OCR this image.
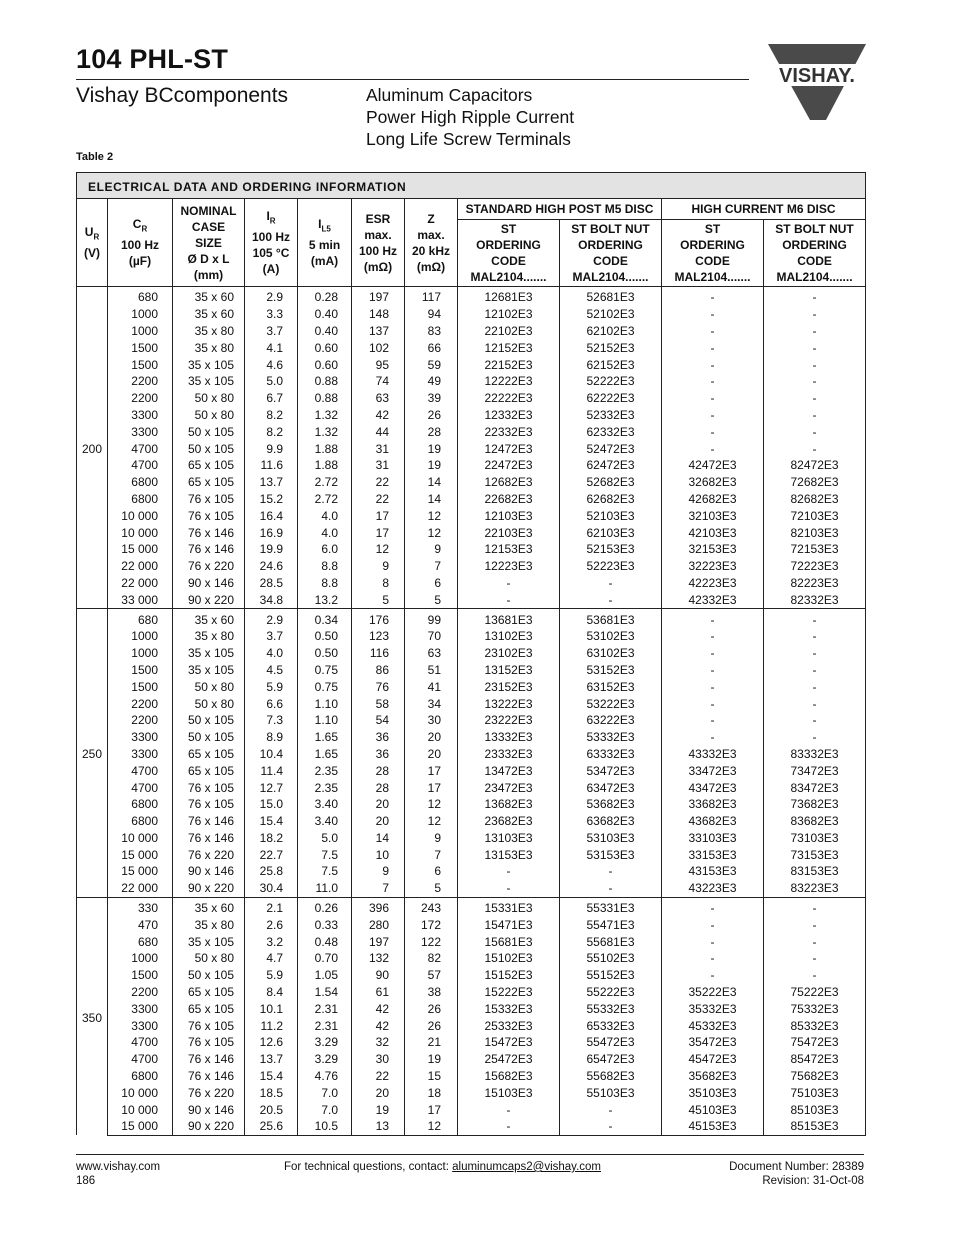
104 PHL-ST
Vishay BCcomponents	Aluminum Capacitors
Power High Ripple Current
Long Life Screw Terminals
VISHAY.
Table 2
ELECTRICAL DATA AND ORDERING INFORMATION										
$U_R$
(V)	$C_R$
100 Hz
(µF)	NOMINAL
CASE
SIZE
Ø D x L
(mm)	$I_R$
100 Hz
105 °C
(A)	$I_{L5}$
5 min
(mA)	ESR
max.
100 Hz
(mΩ)	Z
max.
20 kHz
(mΩ)	STANDARD HIGH POST M5 DISC		HIGH CURRENT M6 DISC	
							ST
ORDERING
CODE
MAL2104.......	ST BOLT NUT
ORDERING
CODE
MAL2104.......	ST
ORDERING
CODE
MAL2104.......	ST BOLT NUT
ORDERING
CODE
MAL2104.......
200	680	35 x 60	2.9	0.28	197	117	12681E3	52681E3	-	-
	1000	35 x 60	3.3	0.40	148	94	12102E3	52102E3	-	-
	1000	35 x 80	3.7	0.40	137	83	22102E3	62102E3	-	-
	1500	35 x 80	4.1	0.60	102	66	12152E3	52152E3	-	-
	1500	35 x 105	4.6	0.60	95	59	22152E3	62152E3	-	-
	2200	35 x 105	5.0	0.88	74	49	12222E3	52222E3	-	-
	2200	50 x 80	6.7	0.88	63	39	22222E3	62222E3	-	-
	3300	50 x 80	8.2	1.32	42	26	12332E3	52332E3	-	-
	3300	50 x 105	8.2	1.32	44	28	22332E3	62332E3	-	-
	4700	50 x 105	9.9	1.88	31	19	12472E3	52472E3	-	-
	4700	65 x 105	11.6	1.88	31	19	22472E3	62472E3	42472E3	82472E3
	6800	65 x 105	13.7	2.72	22	14	12682E3	52682E3	32682E3	72682E3
	6800	76 x 105	15.2	2.72	22	14	22682E3	62682E3	42682E3	82682E3
	10 000	76 x 105	16.4	4.0	17	12	12103E3	52103E3	32103E3	72103E3
	10 000	76 x 146	16.9	4.0	17	12	22103E3	62103E3	42103E3	82103E3
	15 000	76 x 146	19.9	6.0	12	9	12153E3	52153E3	32153E3	72153E3
	22 000	76 x 220	24.6	8.8	9	7	12223E3	52223E3	32223E3	72223E3
	22 000	90 x 146	28.5	8.8	8	6	-	-	42223E3	82223E3
	33 000	90 x 220	34.8	13.2	5	5	-	-	42332E3	82332E3
250	680	35 x 60	2.9	0.34	176	99	13681E3	53681E3	-	-
	1000	35 x 80	3.7	0.50	123	70	13102E3	53102E3	-	-
	1000	35 x 105	4.0	0.50	116	63	23102E3	63102E3	-	-
	1500	35 x 105	4.5	0.75	86	51	13152E3	53152E3	-	-
	1500	50 x 80	5.9	0.75	76	41	23152E3	63152E3	-	-
	2200	50 x 80	6.6	1.10	58	34	13222E3	53222E3	-	-
	2200	50 x 105	7.3	1.10	54	30	23222E3	63222E3	-	-
	3300	50 x 105	8.9	1.65	36	20	13332E3	53332E3	-	-
	3300	65 x 105	10.4	1.65	36	20	23332E3	63332E3	43332E3	83332E3
	4700	65 x 105	11.4	2.35	28	17	13472E3	53472E3	33472E3	73472E3
	4700	76 x 105	12.7	2.35	28	17	23472E3	63472E3	43472E3	83472E3
	6800	76 x 105	15.0	3.40	20	12	13682E3	53682E3	33682E3	73682E3
	6800	76 x 146	15.4	3.40	20	12	23682E3	63682E3	43682E3	83682E3
	10 000	76 x 146	18.2	5.0	14	9	13103E3	53103E3	33103E3	73103E3
	15 000	76 x 220	22.7	7.5	10	7	13153E3	53153E3	33153E3	73153E3
	15 000	90 x 146	25.8	7.5	9	6	-	-	43153E3	83153E3
	22 000	90 x 220	30.4	11.0	7	5	-	-	43223E3	83223E3
350	330	35 x 60	2.1	0.26	396	243	15331E3	55331E3	-	-
	470	35 x 80	2.6	0.33	280	172	15471E3	55471E3	-	-
	680	35 x 105	3.2	0.48	197	122	15681E3	55681E3	-	-
	1000	50 x 80	4.7	0.70	132	82	15102E3	55102E3	-	-
	1500	50 x 105	5.9	1.05	90	57	15152E3	55152E3	-	-
	2200	65 x 105	8.4	1.54	61	38	15222E3	55222E3	35222E3	75222E3
	3300	65 x 105	10.1	2.31	42	26	15332E3	55332E3	35332E3	75332E3
	3300	76 x 105	11.2	2.31	42	26	25332E3	65332E3	45332E3	85332E3
	4700	76 x 105	12.6	3.29	32	21	15472E3	55472E3	35472E3	75472E3
	4700	76 x 146	13.7	3.29	30	19	25472E3	65472E3	45472E3	85472E3
	6800	76 x 146	15.4	4.76	22	15	15682E3	55682E3	35682E3	75682E3
	10 000	76 x 220	18.5	7.0	20	18	15103E3	55103E3	35103E3	75103E3
	10 000	90 x 146	20.5	7.0	19	17	-	-	45103E3	85103E3
	15 000	90 x 220	25.6	10.5	13	12	-	-	45153E3	85153E3
www.vishay.com
186
For technical questions, contact: aluminumcaps2@vishay.com	Document Number: 28389
Revision: 31-Oct-08
